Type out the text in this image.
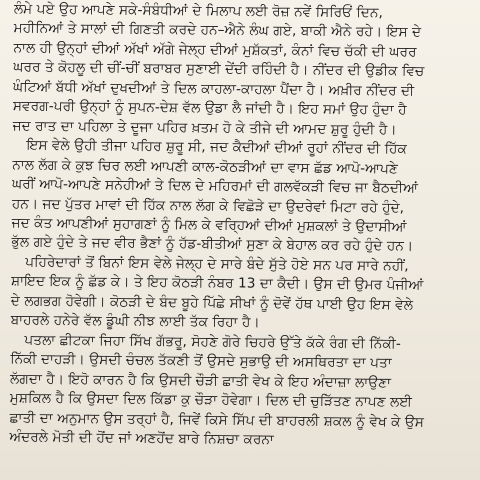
ਲੰਮੇ ਪਏ ਉਹ ਆਪਣੇ ਸਕੇ-ਸੰਬੰਧੀਆਂ ਦੇ ਮਿਲਾਪ ਲਈ ਰੋਜ਼ ਨਵੇਂ ਸਿਰਿਓਂ ਦਿਨ,
ਮਹੀਨਿਆਂ ਤੇ ਸਾਲਾਂ ਦੀ ਗਿਣਤੀ ਕਰਦੇ ਹਨ–ਐਨੇ ਲੰਘ ਗਏ, ਬਾਕੀ ਐਨੇ ਰਹੇ। ਇਸ ਦੇ
ਨਾਲ ਹੀ ਉਨ੍ਹਾਂ ਦੀਆਂ ਅੱਖਾਂ ਅੱਗੇ ਜੇਲ੍ਹ ਦੀਆਂ ਮੁਸ਼ੱਕਤਾਂ, ਕੰਨਾਂ ਵਿਚ ਚੱਕੀ ਦੀ ਘਰਰ
ਘਰਰ ਤੇ ਕੋਹਲੂ ਦੀ ਚੀਂ-ਚੀਂ ਬਰਾਬਰ ਸੁਣਾਈ ਦੇਂਦੀ ਰਹਿੰਦੀ ਹੈ। ਨੀਂਦਰ ਦੀ ਉਡੀਕ ਵਿਚ
ਘੰਟਿਆਂ ਬੱਧੀ ਅੱਖਾਂ ਦੁਖਦੀਆਂ ਤੇ ਦਿਲ ਕਾਹਲਾ-ਕਾਹਲਾ ਪੈਂਦਾ ਹੈ। ਅਖ਼ੀਰ ਨੀਂਦਰ ਦੀ
ਸਵਰਗ-ਪਰੀ ਉਨ੍ਹਾਂ ਨੂੰ ਸੁਪਨ-ਦੇਸ਼ ਵੱਲ ਉਡਾ ਲੈ ਜਾਂਦੀ ਹੈ। ਇਹ ਸਮਾਂ ਉਹ ਹੁੰਦਾ ਹੈ
ਜਦ ਰਾਤ ਦਾ ਪਹਿਲਾ ਤੇ ਦੂਜਾ ਪਹਿਰ ਖ਼ਤਮ ਹੋ ਕੇ ਤੀਜੇ ਦੀ ਆਮਦ ਸ਼ੁਰੂ ਹੁੰਦੀ ਹੈ।
ਇਸ ਵੇਲੇ ਉਹੀ ਤੀਜਾ ਪਹਿਰ ਸ਼ੁਰੂ ਸੀ, ਜਦ ਕੈਦੀਆਂ ਦੀਆਂ ਰੂਹਾਂ ਨੀਂਦਰ ਦੀ ਹਿੱਕ
ਨਾਲ ਲੱਗ ਕੇ ਕੁਝ ਚਿਰ ਲਈ ਆਪਣੀ ਕਾਲ-ਕੋਠੜੀਆਂ ਦਾ ਵਾਸ ਛੱਡ ਆਪੋ-ਆਪਣੇ
ਘਰੀਂ ਆਪੋ-ਆਪਣੇ ਸਨੇਹੀਆਂ ਤੇ ਦਿਲ ਦੇ ਮਹਿਰਮਾਂ ਦੀ ਗਲਵੱਕੜੀ ਵਿਚ ਜਾ ਬੈਠਦੀਆਂ
ਹਨ। ਜਦ ਪੁੱਤਰ ਮਾਵਾਂ ਦੀ ਹਿੱਕ ਨਾਲ ਲੱਗ ਕੇ ਵਿਛੋੜੇ ਦਾ ਉਦਰੇਵਾਂ ਮਿਟਾ ਰਹੇ ਹੁੰਦੇ,
ਜਦ ਕੰਤ ਆਪਣੀਆਂ ਸੁਹਾਗਣਾਂ ਨੂੰ ਮਿਲ ਕੇ ਵਰ੍ਹਿਆਂ ਦੀਆਂ ਮੁਸ਼ਕਲਾਂ ਤੇ ਉਦਾਸੀਆਂ
ਭੁੱਲ ਗਏ ਹੁੰਦੇ ਤੇ ਜਦ ਵੀਰ ਭੈਣਾਂ ਨੂੰ ਹੱਡ-ਬੀਤੀਆਂ ਸੁਣਾ ਕੇ ਬੇਹਾਲ ਕਰ ਰਹੇ ਹੁੰਦੇ ਹਨ।
ਪਹਿਰੇਦਾਰਾਂ ਤੋਂ ਬਿਨਾਂ ਇਸ ਵੇਲੇ ਜੇਲ੍ਹ ਦੇ ਸਾਰੇ ਬੰਦੇ ਸੁੱਤੇ ਹੋਏ ਸਨ ਪਰ ਸਾਰੇ ਨਹੀਂ,
ਸ਼ਾਇਦ ਇਕ ਨੂੰ ਛੱਡ ਕੇ। ਤੇ ਇਹ ਕੋਠੜੀ ਨੰਬਰ 13 ਦਾ ਕੈਦੀ। ਉਸ ਦੀ ਉਮਰ ਪੰਜੀਆਂ
ਦੇ ਲਗਭਗ ਹੋਵੇਗੀ। ਕੋਠੜੀ ਦੇ ਬੰਦ ਬੂਹੇ ਪਿੱਛੇ ਸੀਖਾਂ ਨੂੰ ਦੋਵੇਂ ਹੱਥ ਪਾਈ ਉਹ ਇਸ ਵੇਲੇ
ਬਾਹਰਲੇ ਹਨੇਰੇ ਵੱਲ ਡੂੰਘੀ ਨੀਝ ਲਾਈ ਤੱਕ ਰਿਹਾ ਹੈ।
ਪਤਲਾ ਛੀਟਕਾ ਜਿਹਾ ਸਿੱਖ ਗੱਭਰੂ, ਸੋਹਣੇ ਗੋਰੇ ਚਿਹਰੇ ਉੱਤੇ ਕੱਕੇ ਰੰਗ ਦੀ ਨਿੱਕੀ-
ਨਿੱਕੀ ਦਾਹੜੀ। ਉਸਦੀ ਚੰਚਲ ਤੱਕਣੀ ਤੋਂ ਉਸਦੇ ਸੁਭਾਉ ਦੀ ਅਸਥਿਰਤਾ ਦਾ ਪਤਾ
ਲੱਗਦਾ ਹੈ। ਇਹੋ ਕਾਰਨ ਹੈ ਕਿ ਉਸਦੀ ਚੌੜੀ ਛਾਤੀ ਵੇਖ ਕੇ ਇਹ ਅੰਦਾਜ਼ਾ ਲਾਉਣਾ
ਮੁਸ਼ਕਿਲ ਹੈ ਕਿ ਉਸਦਾ ਦਿਲ ਕਿੱਡਾ ਕੁ ਚੌੜਾ ਹੋਵੇਗਾ। ਦਿਲ ਦੀ ਚੁੜਿੱਤਣ ਨਾਪਣ ਲਈ
ਛਾਤੀ ਦਾ ਅਨੁਮਾਨ ਉਸ ਤਰ੍ਹਾਂ ਹੈ, ਜਿਵੇਂ ਕਿਸੇ ਸਿੱਪ ਦੀ ਬਾਹਰਲੀ ਸ਼ਕਲ ਨੂੰ ਵੇਖ ਕੇ ਉਸ
ਅੰਦਰਲੇ ਮੋਤੀ ਦੀ ਹੋਂਦ ਜਾਂ ਅਣਹੋਂਦ ਬਾਰੇ ਨਿਸ਼ਚਾ ਕਰਨਾ
